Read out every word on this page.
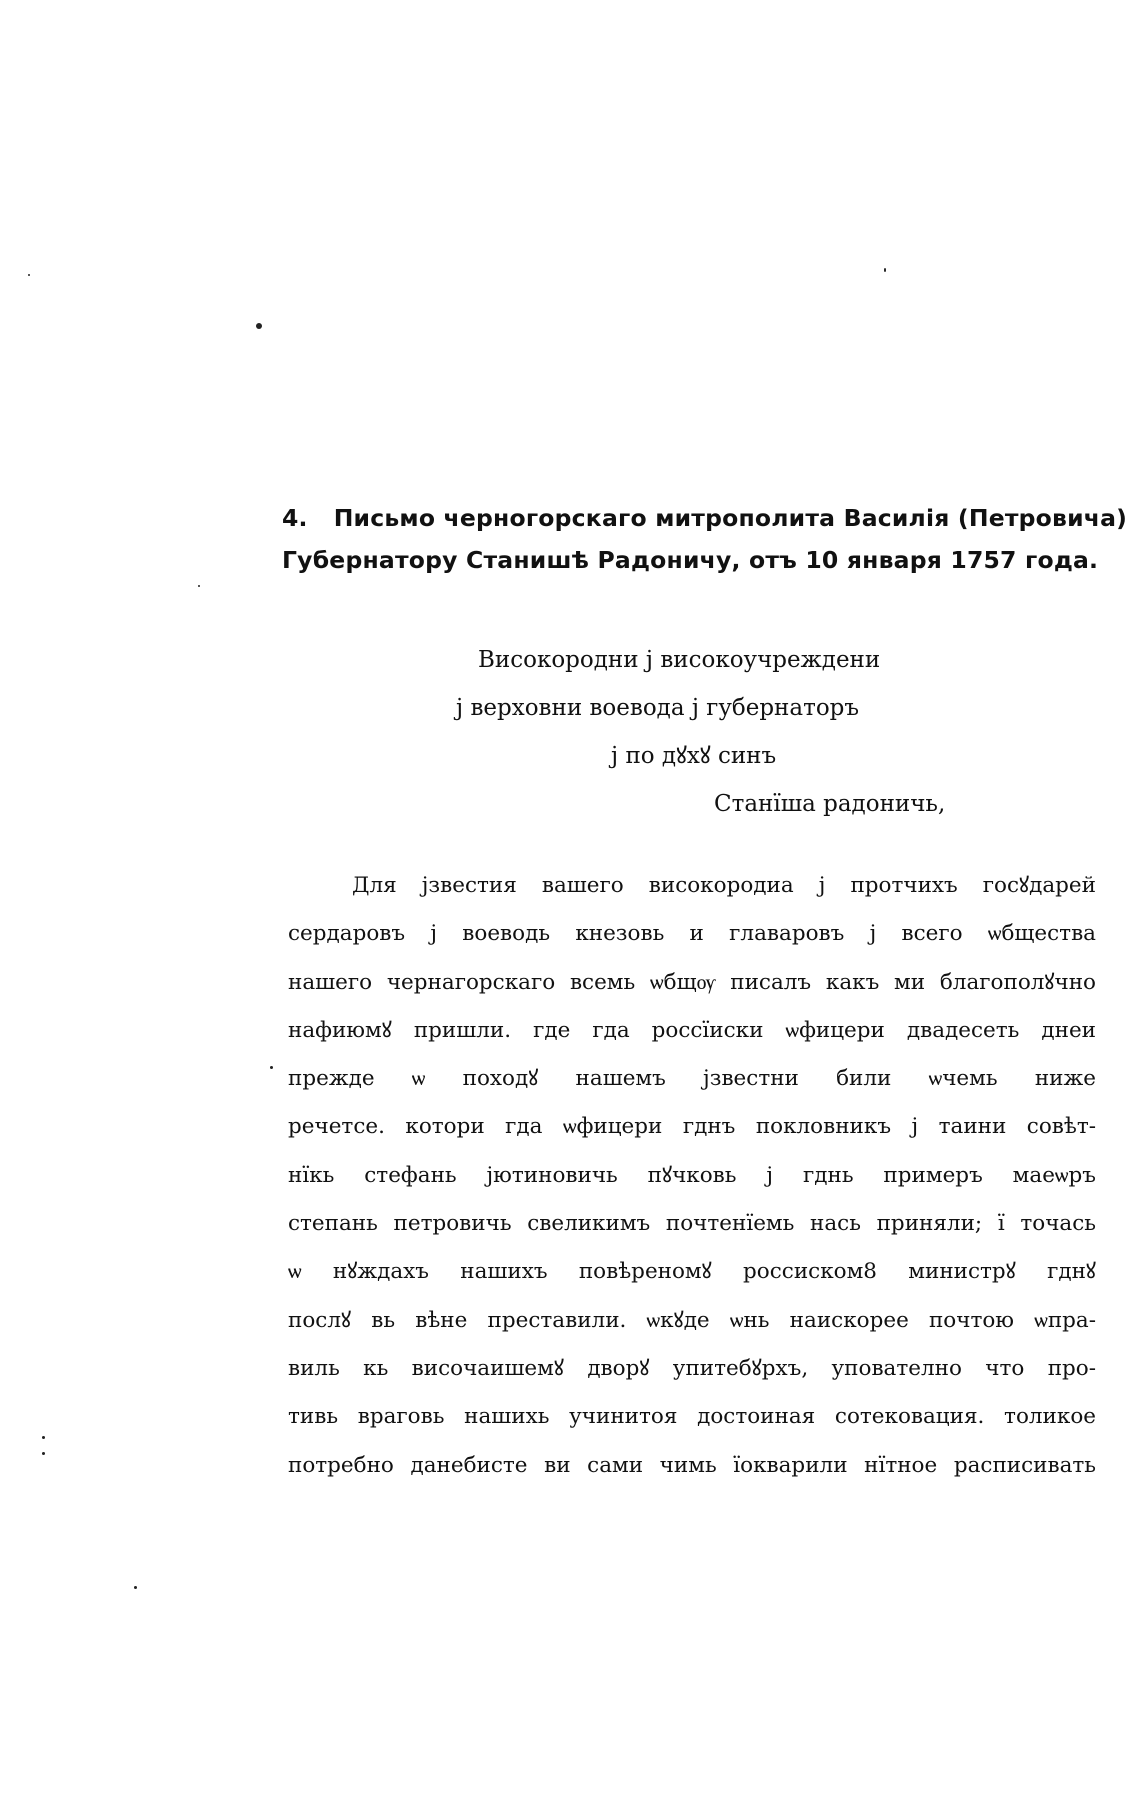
4. Письмо черногорскаго митрополита Василія (Петровича)
Губернатору Станишѣ Радоничу, отъ 10 января 1757 года.
Високородни j високоучреждени
j верховни воевода j губернаторъ
j по дꙋхꙋ синъ
Станїша радоничь,
Для jзвестия вашего високородиа j протчихъ госꙋдарей
сердаровъ j воеводь кнезовь и главаровъ j всего ѡбщества
нашего чернагорскаго всемь ѡбщѹ писалъ какъ ми благополꙋчно
нафиюмꙋ пришли. где гда россїиски ѡфицери двадесеть днеи
прежде ѡ походꙋ нашемъ jзвестни били ѡчемь ниже
речетсе. котори гда ѡфицери гднъ покловникъ j таини совѣт-
нїкь стефань jютиновичь пꙋчковь j гднь примеръ маеѡръ
степань петровичь свеликимъ почтенїемь нась приняли; ї точась
ѡ нꙋждахъ нашихъ повѣреномꙋ россиском8 министрꙋ гднꙋ
послꙋ вь вѣне преставили. ѡкꙋде ѡнь наискорее почтою ѡпра-
виль кь височаишемꙋ дворꙋ упитебꙋрхъ, упователно что про-
тивь враговь нашихь учинитоя достоиная сотековация. толикое
потребно данебисте ви сами чимь їокварили нїтное расписивать
